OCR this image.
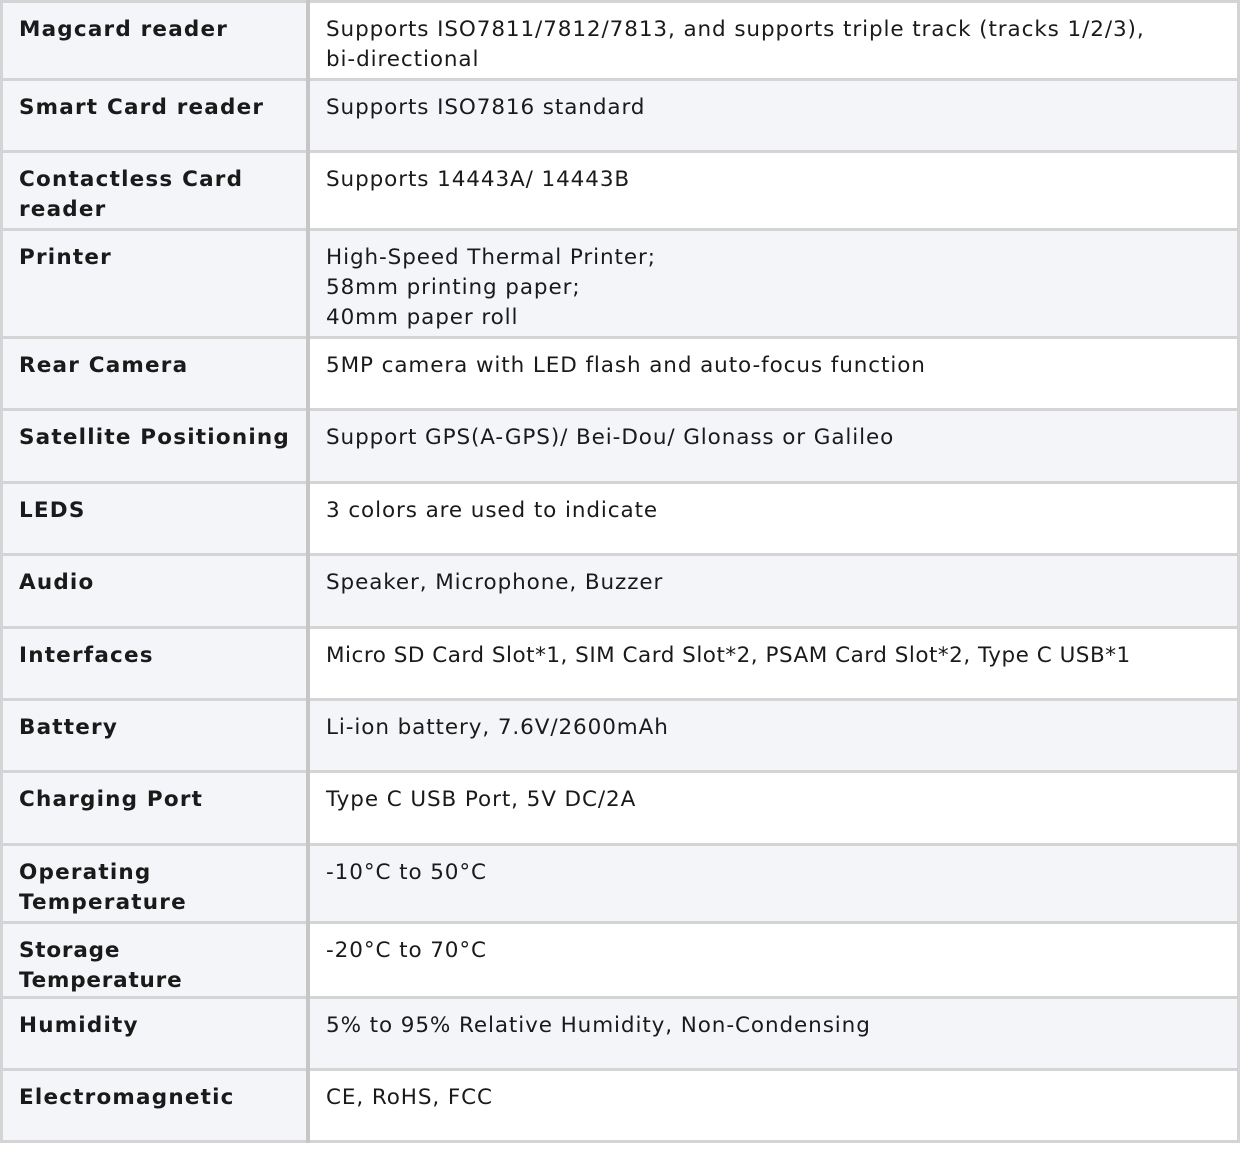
Magcard reader	Supports ISO7811/7812/7813, and supports triple track (tracks 1/2/3),
bi-directional

Smart Card reader	Supports ISO7816 standard

Contactless Card reader	Supports 14443A/ 14443B

Printer	High-Speed Thermal Printer;
58mm printing paper;
40mm paper roll

Rear Camera	5MP camera with LED flash and auto-focus function

Satellite Positioning	Support GPS(A-GPS)/ Bei-Dou/ Glonass or Galileo

LEDS	3 colors are used to indicate

Audio	Speaker, Microphone, Buzzer

Interfaces	Micro SD Card Slot*1, SIM Card Slot*2, PSAM Card Slot*2, Type C USB*1

Battery	Li-ion battery, 7.6V/2600mAh

Charging Port	Type C USB Port, 5V DC/2A

Operating Temperature	-10°C to 50°C

Storage Temperature	-20°C to 70°C

Humidity	5% to 95% Relative Humidity, Non-Condensing

Electromagnetic	CE, RoHS, FCC
